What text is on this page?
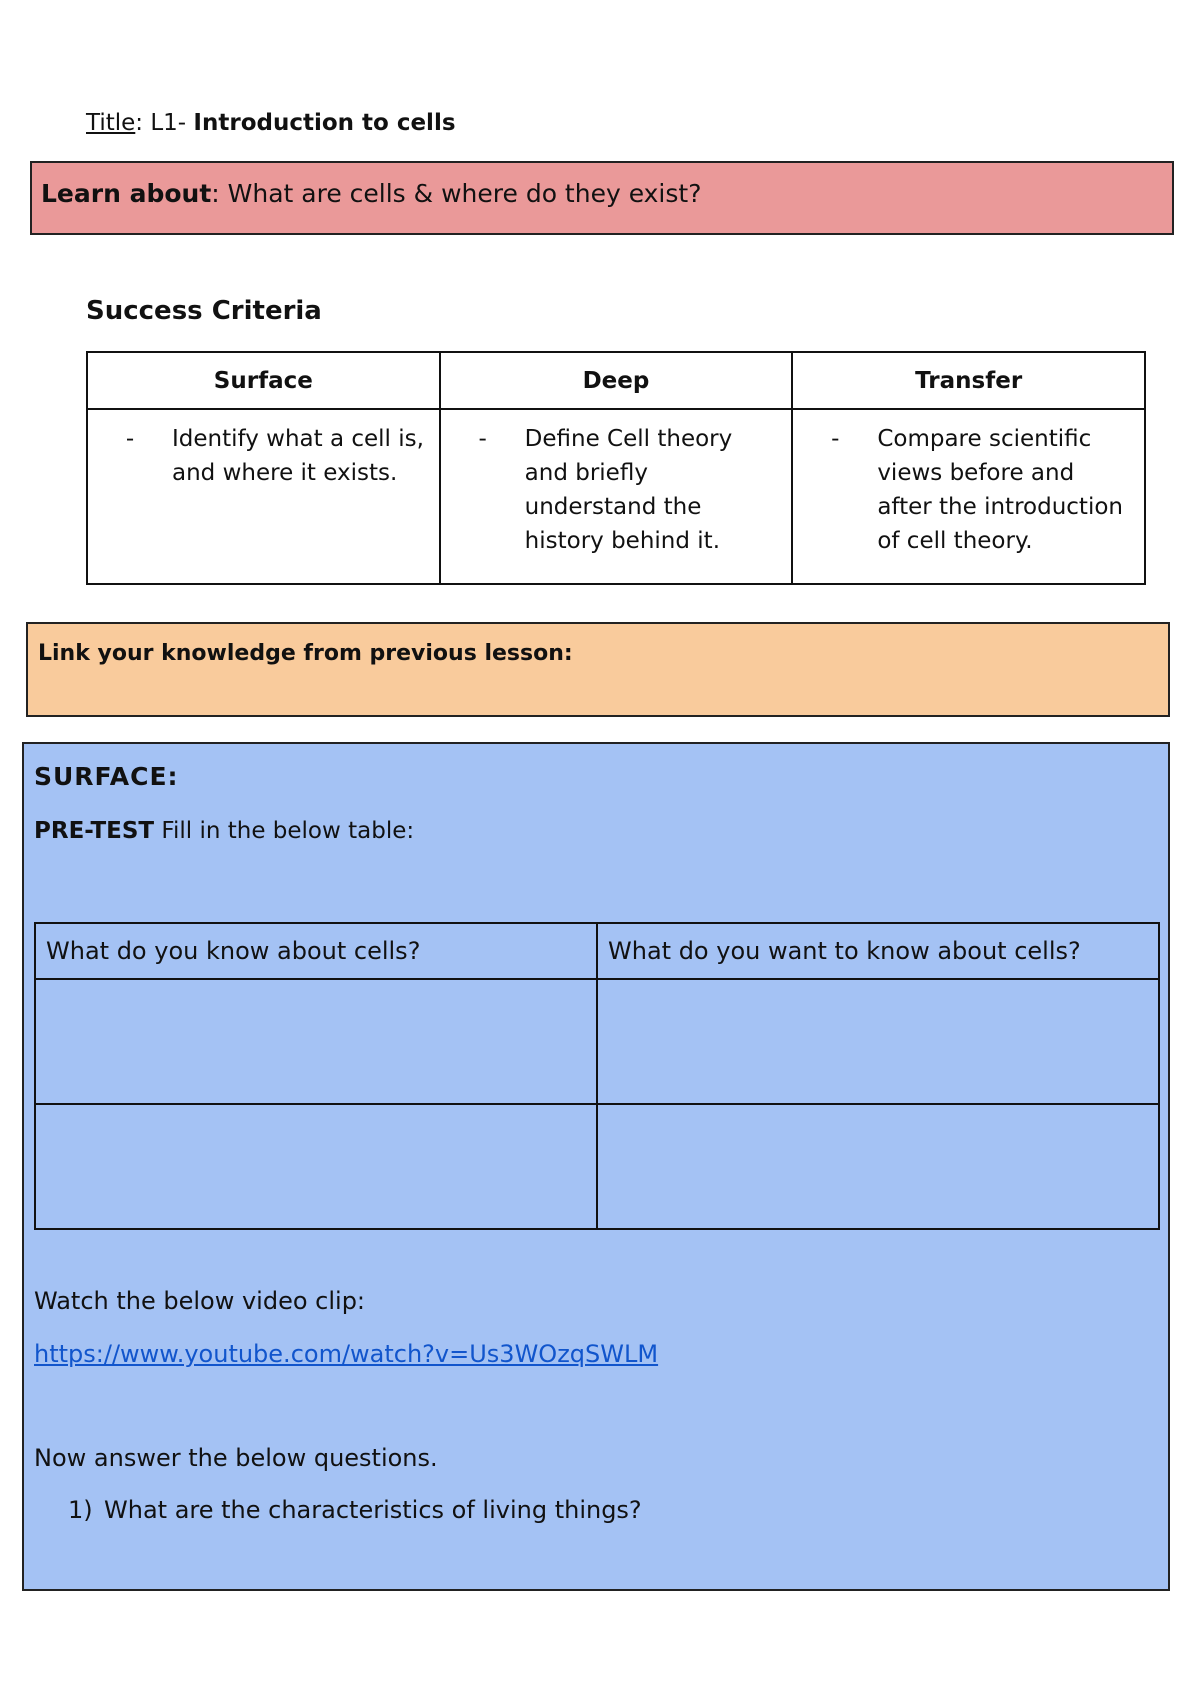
Title: L1- Introduction to cells
Learn about: What are cells & where do they exist?
Success Criteria
Surface	Deep	Transfer

- Identify what a cell is, and where it exists.	- Define Cell theory and briefly understand the history behind it.	- Compare scientific views before and after the introduction of cell theory.
Link your knowledge from previous lesson:
SURFACE:
PRE-TEST Fill in the below table:
What do you know about cells?	What do you want to know about cells?

Watch the below video clip:
https://www.youtube.com/watch?v=Us3WOzqSWLM
Now answer the below questions.
1) What are the characteristics of living things?
